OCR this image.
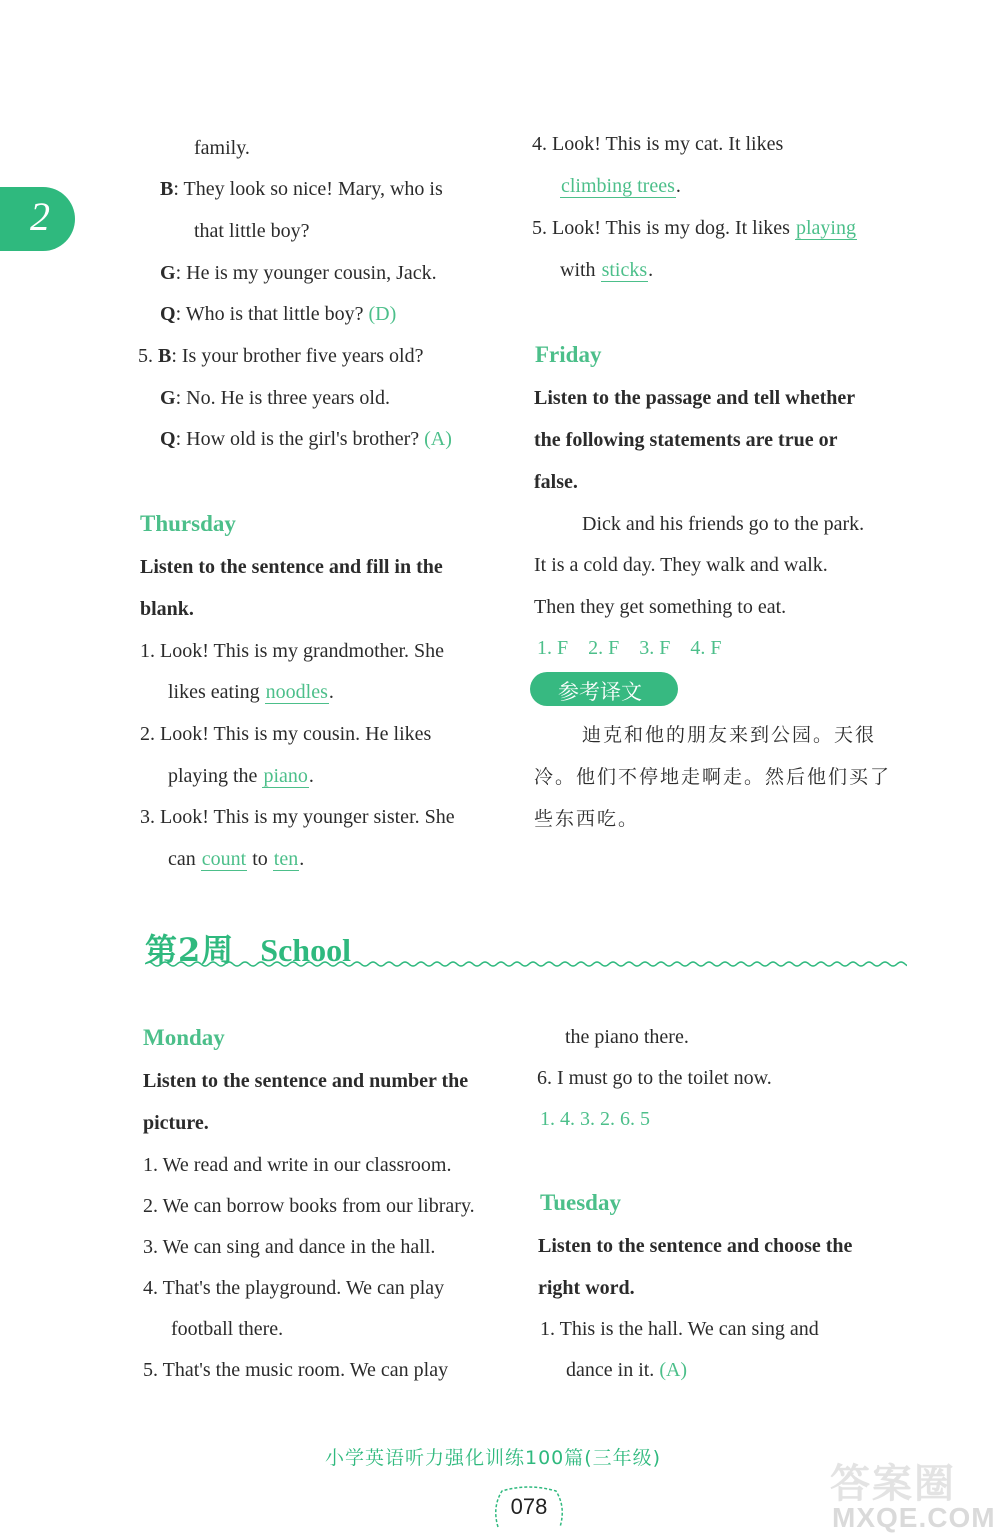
2
family.
B: They look so nice! Mary, who is
that little boy?
G: He is my younger cousin, Jack.
Q: Who is that little boy? (D)
5. B: Is your brother five years old?
G: No. He is three years old.
Q: How old is the girl's brother? (A)
Thursday
Listen to the sentence and fill in the
blank.
1. Look! This is my grandmother. She
likes eating noodles.
2. Look! This is my cousin. He likes
playing the piano.
3. Look! This is my younger sister. She
can count to ten.
4. Look! This is my cat. It likes
climbing trees.
5. Look! This is my dog. It likes playing
with sticks.
Friday
Listen to the passage and tell whether
the following statements are true or
false.
Dick and his friends go to the park.
It is a cold day. They walk and walk.
Then they get something to eat.
1. F    2. F    3. F    4. F
参考译文
迪克和他的朋友来到公园。天很
冷。他们不停地走啊走。然后他们买了
些东西吃。
第2周 School
Monday
Listen to the sentence and number the
picture.
1. We read and write in our classroom.
2. We can borrow books from our library.
3. We can sing and dance in the hall.
4. That's the playground. We can play
football there.
5. That's the music room. We can play
the piano there.
6. I must go to the toilet now.
1. 4. 3. 2. 6. 5
Tuesday
Listen to the sentence and choose the
right word.
1. This is the hall. We can sing and
dance in it. (A)
小学英语听力强化训练100篇(三年级)
078	答案圈
MXQE.COM
